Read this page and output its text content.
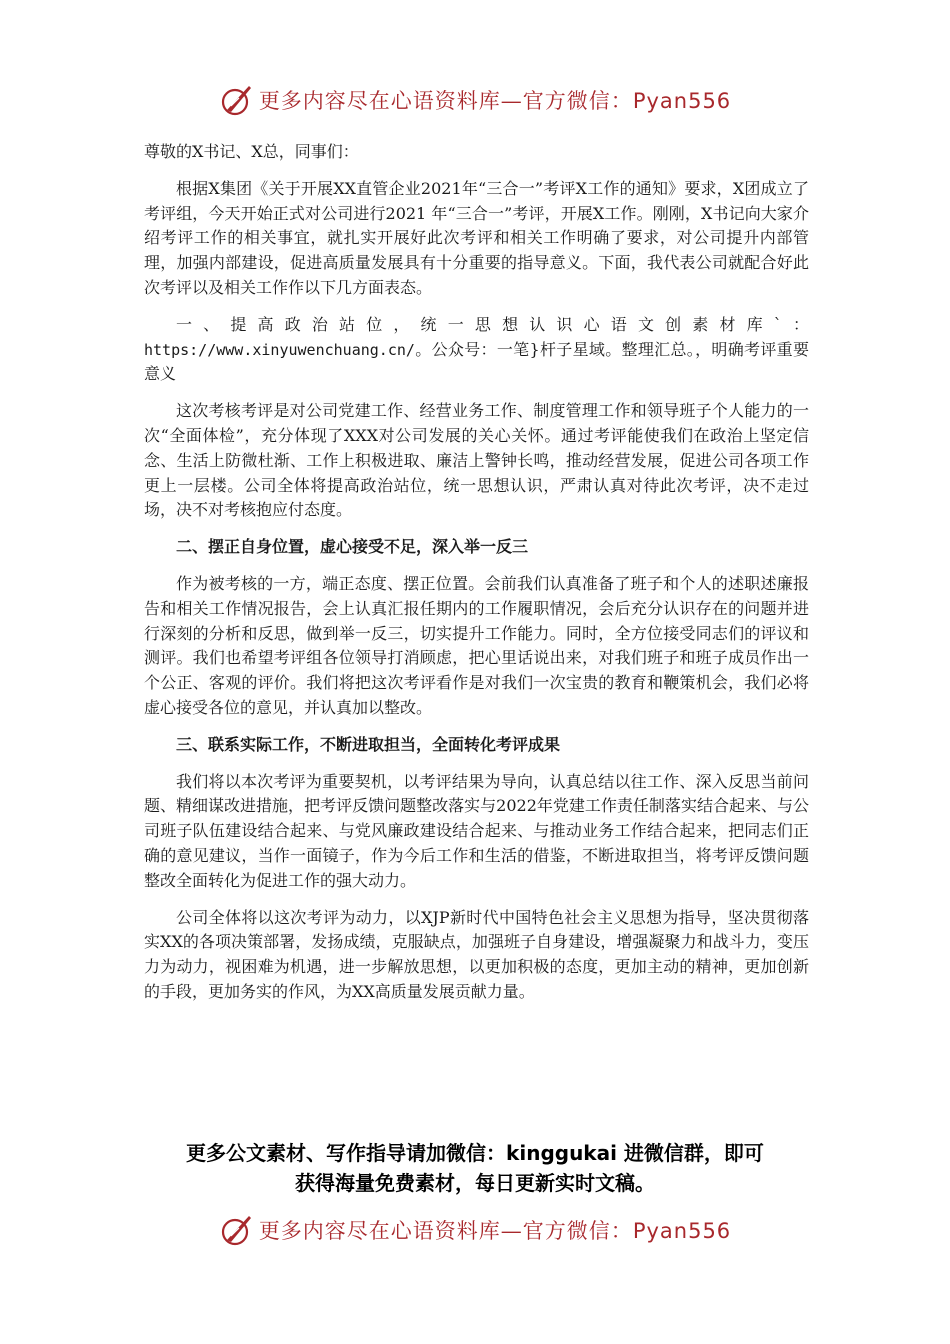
更多内容尽在心语资料库—官方微信：Pyan556

尊敬的X书记、X总，同事们：

根据X集团《关于开展XX直管企业2021年“三合一”考评X工作的通知》要求，X团成立了考评组，今天开始正式对公司进行2021 年“三合一”考评，开展X工作。刚刚，X书记向大家介绍考评工作的相关事宜，就扎实开展好此次考评和相关工作明确了要求，对公司提升内部管理，加强内部建设，促进高质量发展具有十分重要的指导意义。下面，我代表公司就配合好此次考评以及相关工作作以下几方面表态。

一、提高政治站位，统一思想认识心语文创素材库`：https://www.xinyuwenchuang.cn/。公众号：一笔}杆子星域。整理汇总。，明确考评重要意义

这次考核考评是对公司党建工作、经营业务工作、制度管理工作和领导班子个人能力的一次“全面体检”，充分体现了XXX对公司发展的关心关怀。通过考评能使我们在政治上坚定信念、生活上防微杜渐、工作上积极进取、廉洁上警钟长鸣，推动经营发展，促进公司各项工作更上一层楼。公司全体将提高政治站位，统一思想认识，严肃认真对待此次考评，决不走过场，决不对考核抱应付态度。

二、摆正自身位置，虚心接受不足，深入举一反三

作为被考核的一方，端正态度、摆正位置。会前我们认真准备了班子和个人的述职述廉报告和相关工作情况报告，会上认真汇报任期内的工作履职情况，会后充分认识存在的问题并进行深刻的分析和反思，做到举一反三，切实提升工作能力。同时，全方位接受同志们的评议和测评。我们也希望考评组各位领导打消顾虑，把心里话说出来，对我们班子和班子成员作出一个公正、客观的评价。我们将把这次考评看作是对我们一次宝贵的教育和鞭策机会，我们必将虚心接受各位的意见，并认真加以整改。

三、联系实际工作，不断进取担当，全面转化考评成果

我们将以本次考评为重要契机，以考评结果为导向，认真总结以往工作、深入反思当前问题、精细谋改进措施，把考评反馈问题整改落实与2022年党建工作责任制落实结合起来、与公司班子队伍建设结合起来、与党风廉政建设结合起来、与推动业务工作结合起来，把同志们正确的意见建议，当作一面镜子，作为今后工作和生活的借鉴，不断进取担当，将考评反馈问题整改全面转化为促进工作的强大动力。

公司全体将以这次考评为动力，以XJP新时代中国特色社会主义思想为指导，坚决贯彻落实XX的各项决策部署，发扬成绩，克服缺点，加强班子自身建设，增强凝聚力和战斗力，变压力为动力，视困难为机遇，进一步解放思想，以更加积极的态度，更加主动的精神，更加创新的手段，更加务实的作风，为XX高质量发展贡献力量。

更多公文素材、写作指导请加微信：kinggukai 进微信群，即可
获得海量免费素材，每日更新实时文稿。
更多内容尽在心语资料库—官方微信：Pyan556
